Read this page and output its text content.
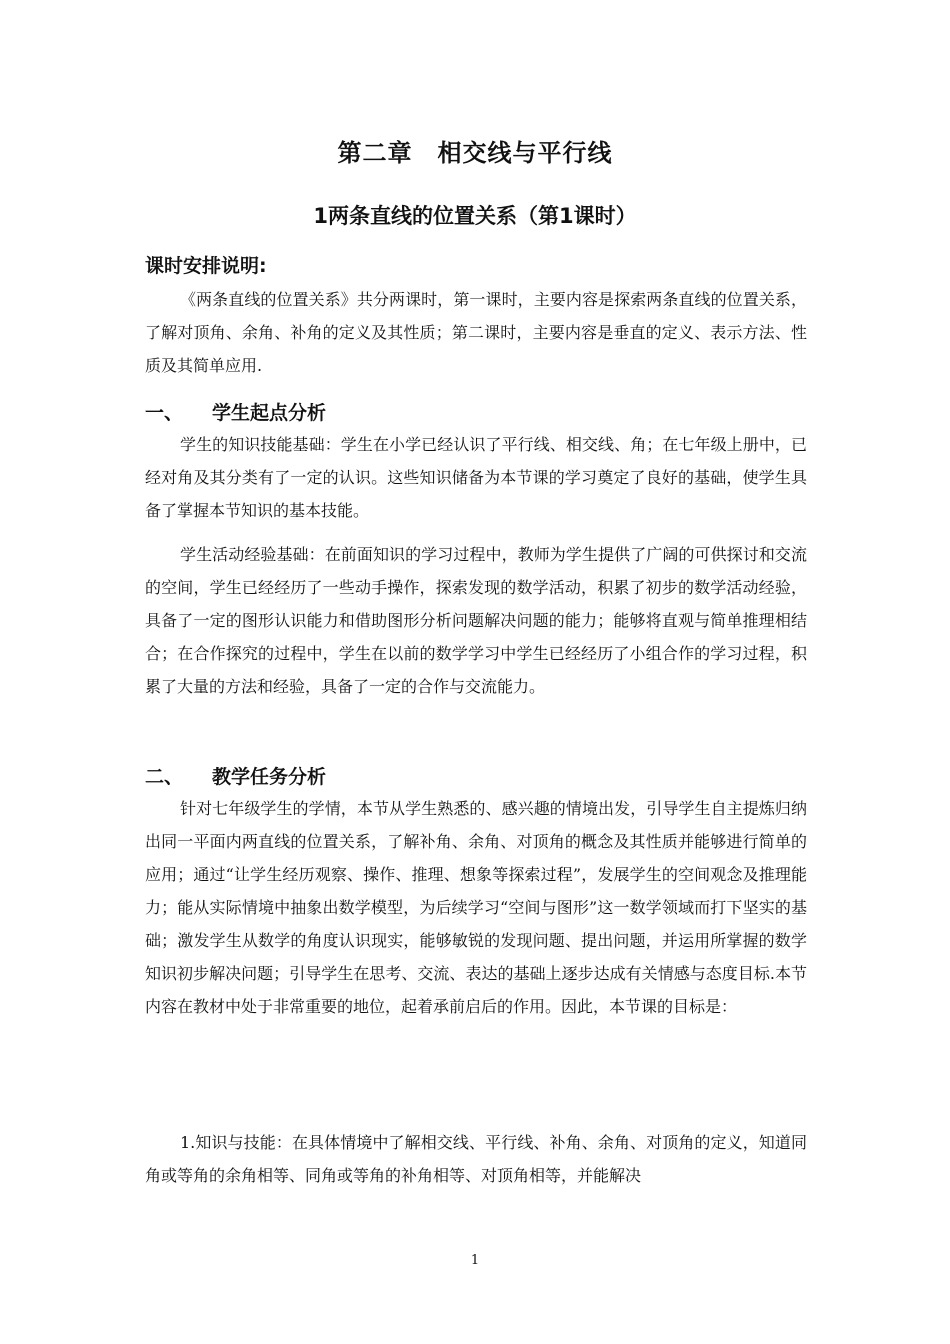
第二章　相交线与平行线
1两条直线的位置关系（第1课时）
课时安排说明:

《两条直线的位置关系》共分两课时，第一课时，主要内容是探索两条直线的位置关系，了解对顶角、余角、补角的定义及其性质；第二课时，主要内容是垂直的定义、表示方法、性质及其简单应用.

一、 学生起点分析

学生的知识技能基础：学生在小学已经认识了平行线、相交线、角；在七年级上册中，已经对角及其分类有了一定的认识。这些知识储备为本节课的学习奠定了良好的基础，使学生具备了掌握本节知识的基本技能。

学生活动经验基础：在前面知识的学习过程中，教师为学生提供了广阔的可供探讨和交流的空间，学生已经经历了一些动手操作，探索发现的数学活动，积累了初步的数学活动经验，具备了一定的图形认识能力和借助图形分析问题解决问题的能力；能够将直观与简单推理相结合；在合作探究的过程中，学生在以前的数学学习中学生已经经历了小组合作的学习过程，积累了大量的方法和经验，具备了一定的合作与交流能力。

二、 教学任务分析

针对七年级学生的学情，本节从学生熟悉的、感兴趣的情境出发，引导学生自主提炼归纳出同一平面内两直线的位置关系，了解补角、余角、对顶角的概念及其性质并能够进行简单的应用；通过“让学生经历观察、操作、推理、想象等探索过程”，发展学生的空间观念及推理能力；能从实际情境中抽象出数学模型，为后续学习“空间与图形”这一数学领域而打下坚实的基础；激发学生从数学的角度认识现实，能够敏锐的发现问题、提出问题，并运用所掌握的数学知识初步解决问题；引导学生在思考、交流、表达的基础上逐步达成有关情感与态度目标.本节内容在教材中处于非常重要的地位，起着承前启后的作用。因此，本节课的目标是：

1.知识与技能：在具体情境中了解相交线、平行线、补角、余角、对顶角的定义，知道同角或等角的余角相等、同角或等角的补角相等、对顶角相等，并能解决

1
